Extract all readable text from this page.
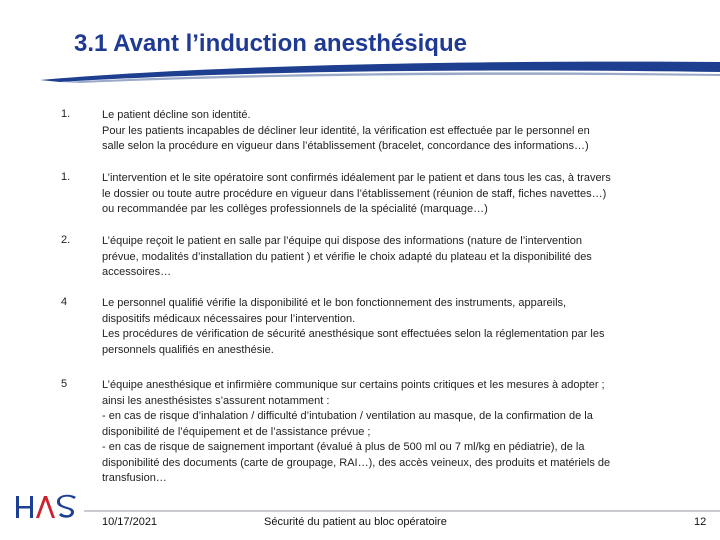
3.1 Avant l’induction anesthésique
1.	Le patient décline son identité.
Pour les patients incapables de décliner leur identité, la vérification est effectuée par le personnel en
salle selon la procédure en vigueur dans l’établissement (bracelet, concordance des informations…)
1.	L’intervention et le site opératoire sont confirmés idéalement par le patient et dans tous les cas, à travers
le dossier ou toute autre procédure en vigueur dans l’établissement (réunion de staff, fiches navettes…)
ou recommandée par les collèges professionnels de la spécialité (marquage…)
2.	L’équipe reçoit le patient en salle par l’équipe qui dispose des informations (nature de l’intervention
prévue, modalités d’installation du patient ) et vérifie le choix adapté du plateau et la disponibilité des
accessoires…
4	Le personnel qualifié vérifie la disponibilité et le bon fonctionnement des instruments, appareils,
dispositifs médicaux nécessaires pour l’intervention.
Les procédures de vérification de sécurité anesthésique sont effectuées selon la réglementation par les
personnels qualifiés en anesthésie.
5	L’équipe anesthésique et infirmière communique sur certains points critiques et les mesures à adopter ;
ainsi les anesthésistes s’assurent notamment :
- en cas de risque d’inhalation / difficulté d’intubation / ventilation au masque, de la confirmation de la
disponibilité de l’équipement et de l’assistance prévue ;
- en cas de risque de saignement important (évalué à plus de 500 ml ou 7 ml/kg en pédiatrie), de la
disponibilité des documents (carte de groupage, RAI…), des accès veineux, des produits et matériels de
transfusion…
10/17/2021	Sécurité du patient au bloc opératoire	12
